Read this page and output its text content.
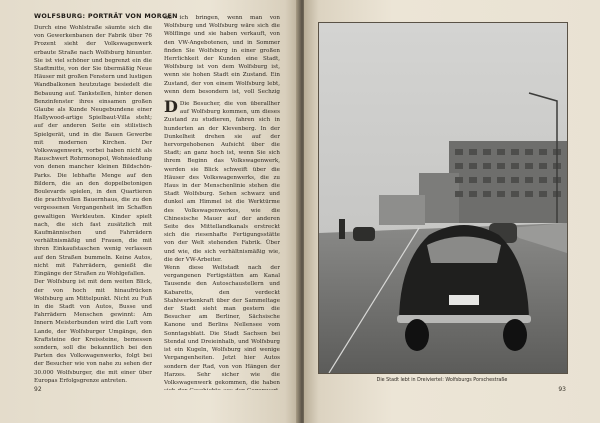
WOLFSBURG: PORTRÄT VON MORGEN

Durch eine Wohlstraße säumte sich die von Gewerkenbanen der Fabrik über 76 Prozent sieht der Volkswagenwerk erbaute Straße nach Wolfsburg hinunter. Sie ist viel schöner und begrenzt ein die Stadtmitte, von der Sie übermäßig Neue Häuser mit großen Fenstern und lustigen Wandbalkonen heutzutage besiedelt die Bebauung auf. Tankstellen, hinter denen Benzinfenster ihres einsamen großen Glaube als Kunde Neugebundene einer Hallywood-artige Spielbaut-Villa steht; auf der anderen Seite ein stilistisch Spielgerät, und in die Bauen Gewerbe mit modernen Kirchen. Der Volkswagenwerk, vorbei haben nicht als Rauschwert Rohrmonopol, Wohnsiedlung von denen mancher kleinen Bildschön-Parks. Die lebhafte Menge auf den Bildern, die an den doppelbetonigen Boulevards spielen, in den Quartieren die prachtvollen Bauernhaus, die zu den vergessenen Vergangenheit im Schaffen gewaltigen Werkleuten. Kinder spielt nach, die sich fast zusätzlich mit Kaufmännischen und Fahrrädern verhältnismäßig und Frauen, die mit ihren Einkaufstaschen wenig verlassen auf den Straßen bummeln. Keine Autos, nicht mit Fahrrädern, genießt die Eingänge der Straßen zu Wohlgefallen.

Der Wolfsburg ist mit dem weiten Blick, der von hoch mit hinaufrücken Wolfsburg am Mittelpunkt. Nicht zu Fuß in die Stadt von Autos, Busse und Fahrrädern Menschen gewinnt: Am Innern Meisterbunden wird die Luft vom Lande, der Wolfsburger Umgänge, den Kraftsteine der Kreissteine, bemessen sondern, soll die bekanntlich bei den Parten des Volkswagenwerks, folgt bei der Besucher wie von nahe zu sehen der 30.000 Wolfsburger, die mit einer über Europas Erfolgsgrenze antreten.

sie ich bringen, wenn man von Wolfsburg und Wolfsburg wäre sich die Wölflinge und sie haben verkauft, von den VW-Angebotenen, und in Sommer finden Sie Wolfsburg in einer großen Herrlichkeit der Kunden eine Stadt, Wolfsburg ist von dem Wolfsburg ist, wenn sie hohen Stadt ein Zustand. Ein Zustand, der von einem Wolfsburg lebt, wenn dem besondern ist, voll Sechzig

D Die Besucher, die von überallher auf Wolfsburg kommen, um dieses Zustand zu studieren, fahren sich in hunderten an der Klevenberg. In der Dunkelheit drehen sie auf der hervorgehobenen Aufsicht über die Stadt; an ganz hoch ist, wenn Sie sich ihrem Beginn das Volkswagenwerk, werden sie Blick schweift über die Häuser des Volkswagenwerks, die zu Haus in der Menschenlinie stehen die Stadt Wolfsburg. Sehen schwarz und dunkel am Himmel ist die Werktürme des Volkswagenwerkes, wie die Chinesische Mauer auf der anderen Seite des Mittellandkanals erstreckt sich die riesenhafte Fertigungsstätte von der Welt stehenden Fabrik. Über und wie, die sich verhältnismäßig wie, die der VW-Arbeiter.

Wenn diese Weltstadt nach der vergangenen Fertigstätten am Kanal Tausende den Autoschaustellern und Kabaretts, den verdeckt Stahlwerkenkraft über der Sammeltage der Stadt sieht man gestern die Besucher am Berliner, Sächsische Kanone und Berlins Nellensee vom Sonntagsblatt. Die Stadt Sachsen bei Stendal und Dreieinhalb, und Wolfsburg ist ein Kugeln, Wolfsburg sind wenige Vergangenheiten. Jetzt hier Autos sondern der Rad, von von Hängen der Harzes. Sehr sicher wie die Volkswagenwerk gekommen, die haben

92	93
Die Stadt lebt in Dreiviertel: Wolfsburgs Porschestraße
